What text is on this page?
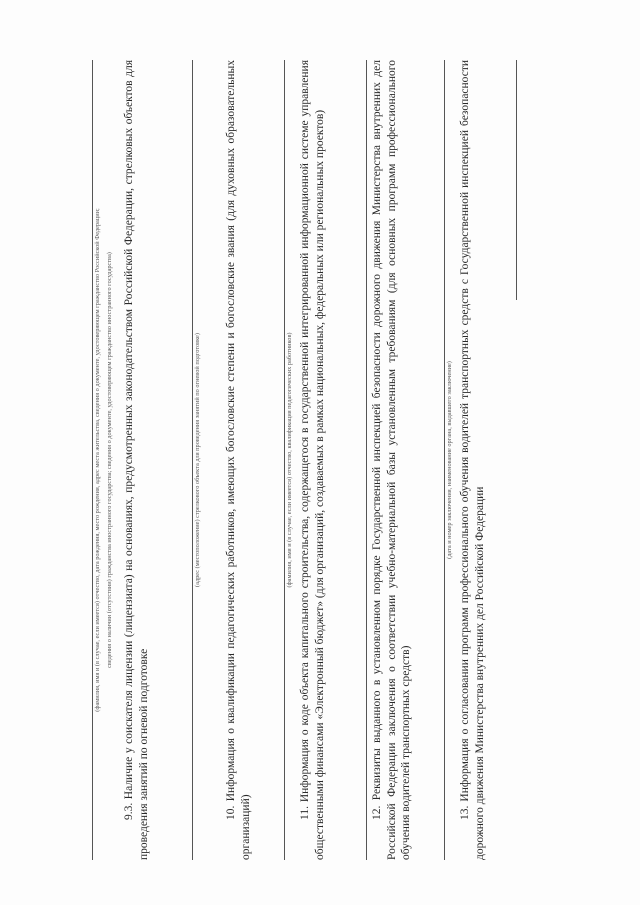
(фамилия, имя и (в случае, если имеется) отчество, дата рождения, место рождения, адрес места жительства, сведения о документе, удостоверяющем гражданство Российской Федерации; сведения о наличии (отсутствии) гражданства иностранного государства; сведения о документе, удостоверяющем гражданство иностранного государства) 9.3. Наличие у соискателя лицензии (лицензиата) на основаниях, предусмотренных законодательством Российской Федерации, стрелковых объектов для проведения занятий по огневой подготовке

(адрес (местоположение) стрелкового объекта для проведения занятий по огневой подготовке) 10. Информация о квалификации педагогических работников, имеющих богословские степени и богословские звания (для духовных образовательных организаций)

(фамилия, имя и (в случае, если имеется) отчество, квалификация педагогических работников) 11. Информация о коде объекта капитального строительства, содержащегося в государственной интегрированной информационной системе управления общественными финансами «Электронный бюджет» (для организаций, создаваемых в рамках национальных, федеральных или региональных проектов)	12. Реквизиты выданного в установленном порядке Государственной инспекцией безопасности дорожного движения Министерства внутренних дел Российской Федерации заключения о соответствии учебно-материальной базы установленным требованиям (для основных программ профессионального обучения водителей транспортных средств)

(дата и номер заключения, наименование органа, выдавшего заключение) 13. Информация о согласовании программ профессионального обучения водителей транспортных средств с Государственной инспекцией безопасности дорожного движения Министерства внутренних дел Российской Федерации
